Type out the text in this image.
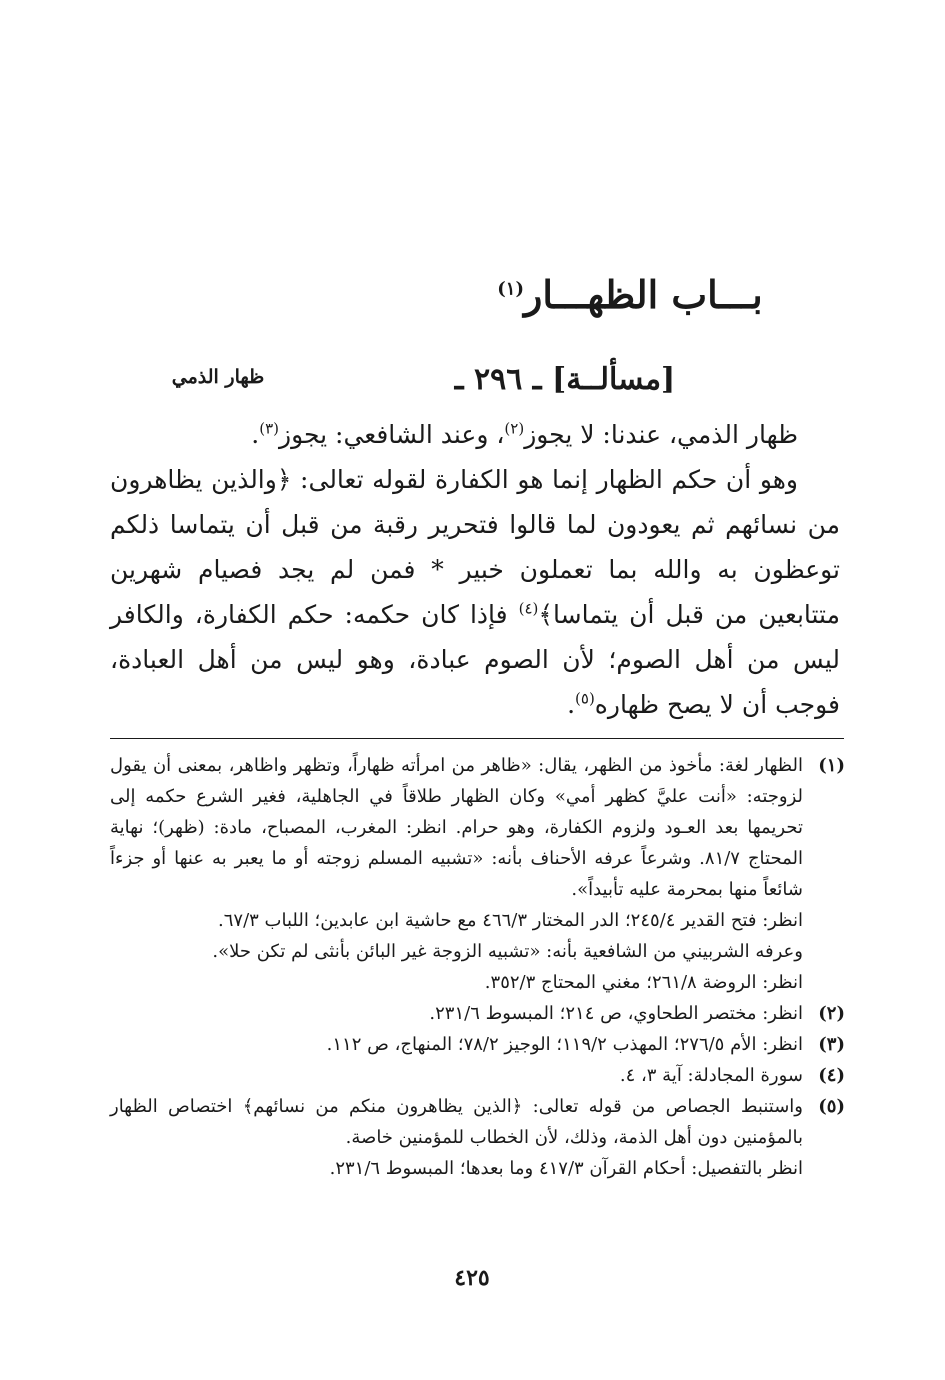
بـــاب الظهـــار$^{(١)}$
[مسألــة] ـ ٢٩٦ ـ
ظهار الذمي

ظهار الذمي، عندنا: لا يجوز$^{(٢)}$، وعند الشافعي: يجوز$^{(٣)}$.

وهو أن حكم الظهار إنما هو الكفارة لقوله تعالى: ﴿والذين يظاهرون من نسائهم ثم يعودون لما قالوا فتحرير رقبة من قبل أن يتماسا ذلكم توعظون به والله بما تعملون خبير * فمن لم يجد فصيام شهرين متتابعين من قبل أن يتماسا﴾$^{(٤)}$ فإذا كان حكمه: حكم الكفارة، والكافر ليس من أهل الصوم؛ لأن الصوم عبادة، وهو ليس من أهل العبادة، فوجب أن لا يصح ظهاره$^{(٥)}$.

(١)

الظهار لغة: مأخوذ من الظهر، يقال: «ظاهر من امرأته ظهاراً، وتظهر واظاهر، بمعنى أن يقول لزوجته: «أنت عليَّ كظهر أمي» وكان الظهار طلاقاً في الجاهلية، فغير الشرع حكمه إلى تحريمها بعد العـود ولزوم الكفارة، وهو حرام. انظر: المغرب، المصباح، مادة: (ظهر)؛ نهاية المحتاج ٨١/٧. وشرعاً عرفه الأحناف بأنه: «تشبيه المسلم زوجته أو ما يعبر به عنها أو جزءاً شائعاً منها بمحرمة عليه تأبيداً».

انظر: فتح القدير ٢٤٥/٤؛ الدر المختار ٤٦٦/٣ مع حاشية ابن عابدين؛ اللباب ٦٧/٣.

وعرفه الشربيني من الشافعية بأنه: «تشبيه الزوجة غير البائن بأنثى لم تكن حلا».

انظر: الروضة ٢٦١/٨؛ مغني المحتاج ٣٥٢/٣.

(٢)

انظر: مختصر الطحاوي، ص ٢١٤؛ المبسوط ٢٣١/٦.

(٣)

انظر: الأم ٢٧٦/٥؛ المهذب ١١٩/٢؛ الوجيز ٧٨/٢؛ المنهاج، ص ١١٢.

(٤)

سورة المجادلة: آية ٣، ٤.

(٥)

واستنبط الجصاص من قوله تعالى: ﴿الذين يظاهرون منكم من نسائهم﴾ اختصاص الظهار بالمؤمنين دون أهل الذمة، وذلك، لأن الخطاب للمؤمنين خاصة.

انظر بالتفصيل: أحكام القرآن ٤١٧/٣ وما بعدها؛ المبسوط ٢٣١/٦.

٤٢٥
